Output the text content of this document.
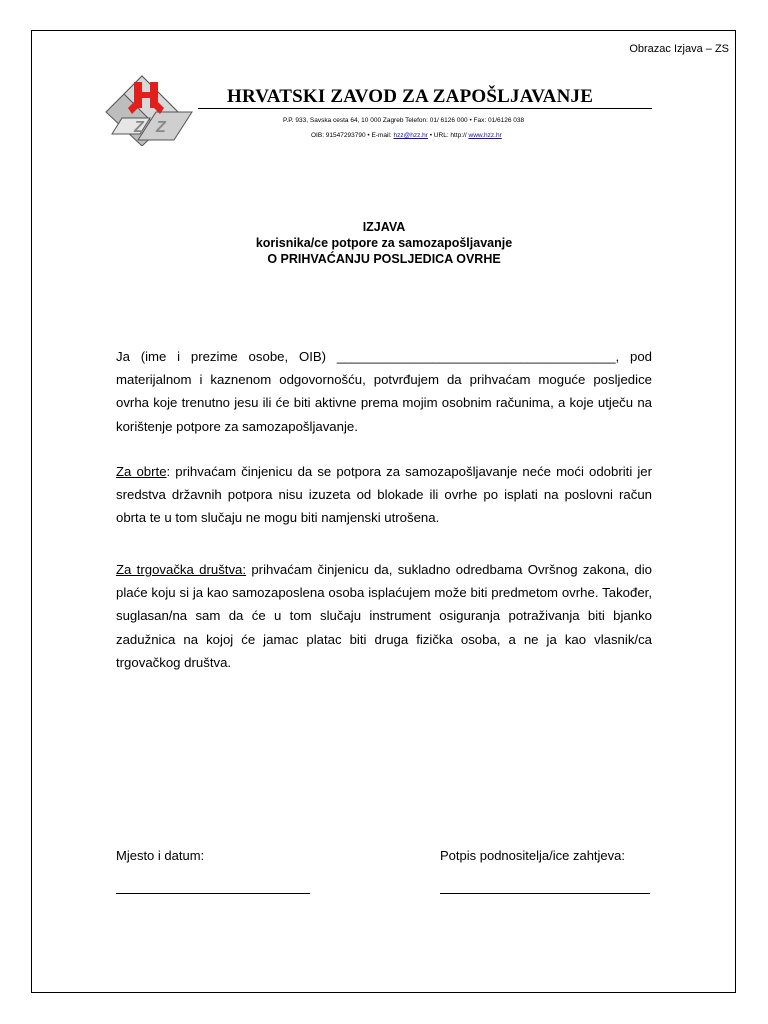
Obrazac Izjava – ZS
Z Z
HRVATSKI ZAVOD ZA ZAPOŠLJAVANJE
P.P. 933, Savska cesta 64, 10 000 Zagreb Telefon: 01/ 6126 000 • Fax: 01/6126 038
OIB: 91547293790 • E-mail: hzz@hzz.hr • URL: http:// www.hzz.hr
IZJAVA
korisnika/ce potpore za samozapošljavanje
O PRIHVAĆANJU POSLJEDICA OVRHE
Ja (ime i prezime osobe, OIB) ______________________________________, pod materijalnom i kaznenom odgovornošću, potvrđujem da prihvaćam moguće posljedice ovrha koje trenutno jesu ili će biti aktivne prema mojim osobnim računima, a koje utječu na korištenje potpore za samozapošljavanje.
Za obrte: prihvaćam činjenicu da se potpora za samozapošljavanje neće moći odobriti jer sredstva državnih potpora nisu izuzeta od blokade ili ovrhe po isplati na poslovni račun obrta te u tom slučaju ne mogu biti namjenski utrošena.
Za trgovačka društva: prihvaćam činjenicu da, sukladno odredbama Ovršnog zakona, dio plaće koju si ja kao samozaposlena osoba isplaćujem može biti predmetom ovrhe. Također, suglasan/na sam da će u tom slučaju instrument osiguranja potraživanja biti bjanko zadužnica na kojoj će jamac platac biti druga fizička osoba, a ne ja kao vlasnik/ca trgovačkog društva.
Mjesto i datum:	Potpis podnositelja/ice zahtjeva:
